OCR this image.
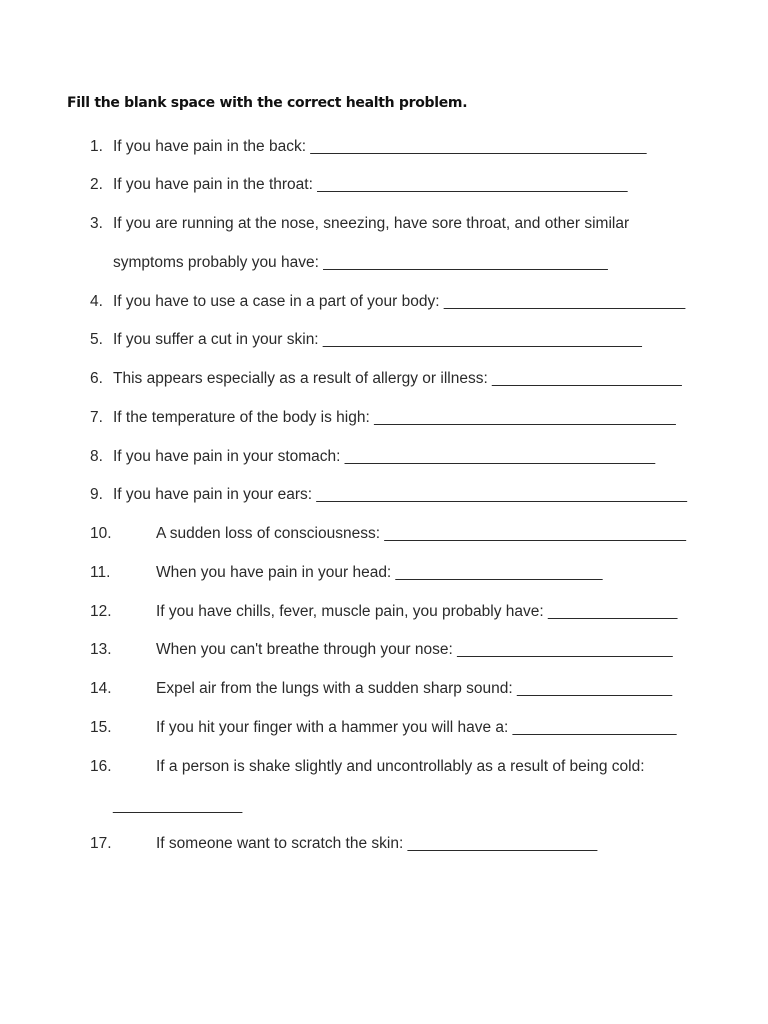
Fill the blank space with the correct health problem.
1. If you have pain in the back: _______________________________________
2. If you have pain in the throat: ____________________________________
3. If you are running at the nose, sneezing, have sore throat, and other similar
symptoms probably you have: _________________________________
4. If you have to use a case in a part of your body: ____________________________
5. If you suffer a cut in your skin: _____________________________________
6. This appears especially as a result of allergy or illness: ______________________
7. If the temperature of the body is high: ___________________________________
8. If you have pain in your stomach: ____________________________________
9. If you have pain in your ears: ___________________________________________
10.	A sudden loss of consciousness: ___________________________________
11.	When you have pain in your head: ________________________
12.	If you have chills, fever, muscle pain, you probably have: _______________
13.	When you can't breathe through your nose: _________________________
14.	Expel air from the lungs with a sudden sharp sound: __________________
15.	If you hit your finger with a hammer you will have a: ___________________
16.	If a person is shake slightly and uncontrollably as a result of being cold:
_______________
17.	If someone want to scratch the skin: ______________________
